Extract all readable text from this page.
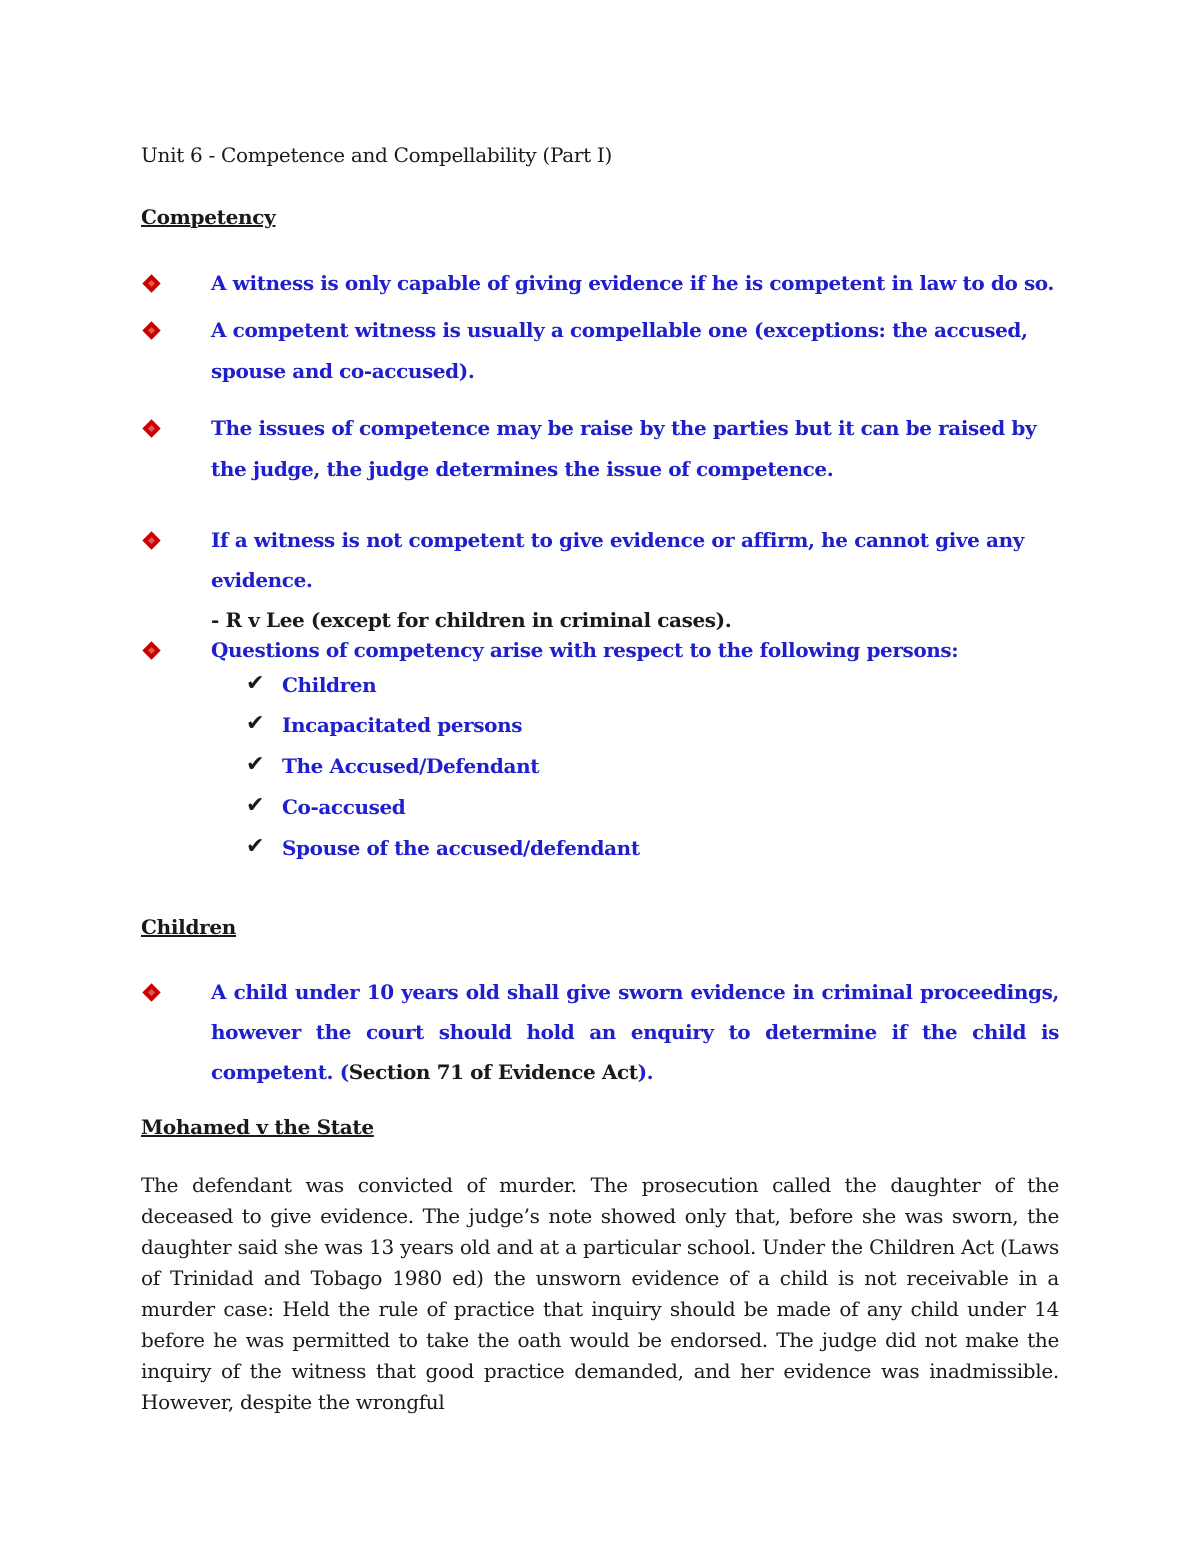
Unit 6 - Competence and Compellability (Part I)
Competency
A witness is only capable of giving evidence if he is competent in law to do so.
A competent witness is usually a compellable one (exceptions: the accused, spouse and co-accused).
The issues of competence may be raise by the parties but it can be raised by the judge, the judge determines the issue of competence.
If a witness is not competent to give evidence or affirm, he cannot give any evidence.
- R v Lee (except for children in criminal cases).
Questions of competency arise with respect to the following persons:
✔ Children
✔ Incapacitated persons
✔ The Accused/Defendant
✔ Co-accused
✔ Spouse of the accused/defendant
Children
A child under 10 years old shall give sworn evidence in criminal proceedings, however the court should hold an enquiry to determine if the child is competent. (Section 71 of Evidence Act).
Mohamed v the State
The defendant was convicted of murder. The prosecution called the daughter of the deceased to give evidence. The judge’s note showed only that, before she was sworn, the daughter said she was 13 years old and at a particular school. Under the Children Act (Laws of Trinidad and Tobago 1980 ed) the unsworn evidence of a child is not receivable in a murder case: Held the rule of practice that inquiry should be made of any child under 14 before he was permitted to take the oath would be endorsed. The judge did not make the inquiry of the witness that good practice demanded, and her evidence was inadmissible. However, despite the wrongful
